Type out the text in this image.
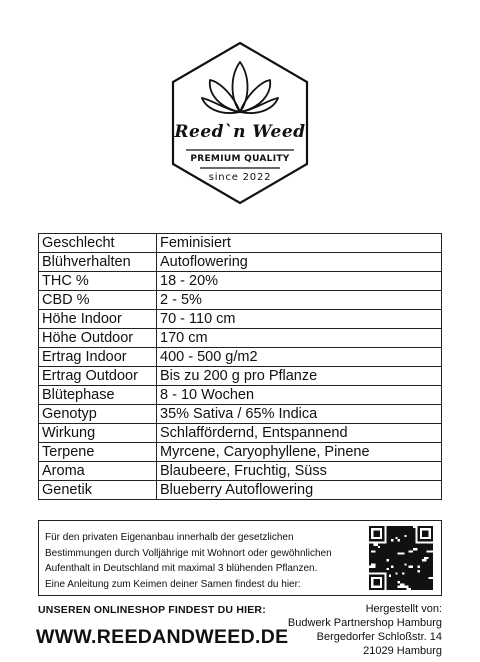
Reed`n Weed
PREMIUM QUALITY
since 2022
Geschlecht	Feminisiert
Blühverhalten	Autoflowering
THC %	18 - 20%
CBD %	2 - 5%
Höhe Indoor	70 - 110 cm
Höhe Outdoor	170 cm
Ertrag Indoor	400 - 500 g/m2
Ertrag Outdoor	Bis zu 200 g pro Pflanze
Blütephase	8 - 10 Wochen
Genotyp	35% Sativa / 65% Indica
Wirkung	Schlaffördernd, Entspannend
Terpene	Myrcene, Caryophyllene, Pinene
Aroma	Blaubeere, Fruchtig, Süss
Genetik	Blueberry Autoflowering
Für den privaten Eigenanbau innerhalb der gesetzlichen
Bestimmungen durch Volljährige mit Wohnort oder gewöhnlichen
Aufenthalt in Deutschland mit maximal 3 blühenden Pflanzen.
Eine Anleitung zum Keimen deiner Samen findest du hier:
UNSEREN ONLINESHOP FINDEST DU HIER:
WWW.REEDANDWEED.DE
Hergestellt von:
Budwerk Partnershop Hamburg
Bergedorfer Schloßstr. 14
21029 Hamburg
